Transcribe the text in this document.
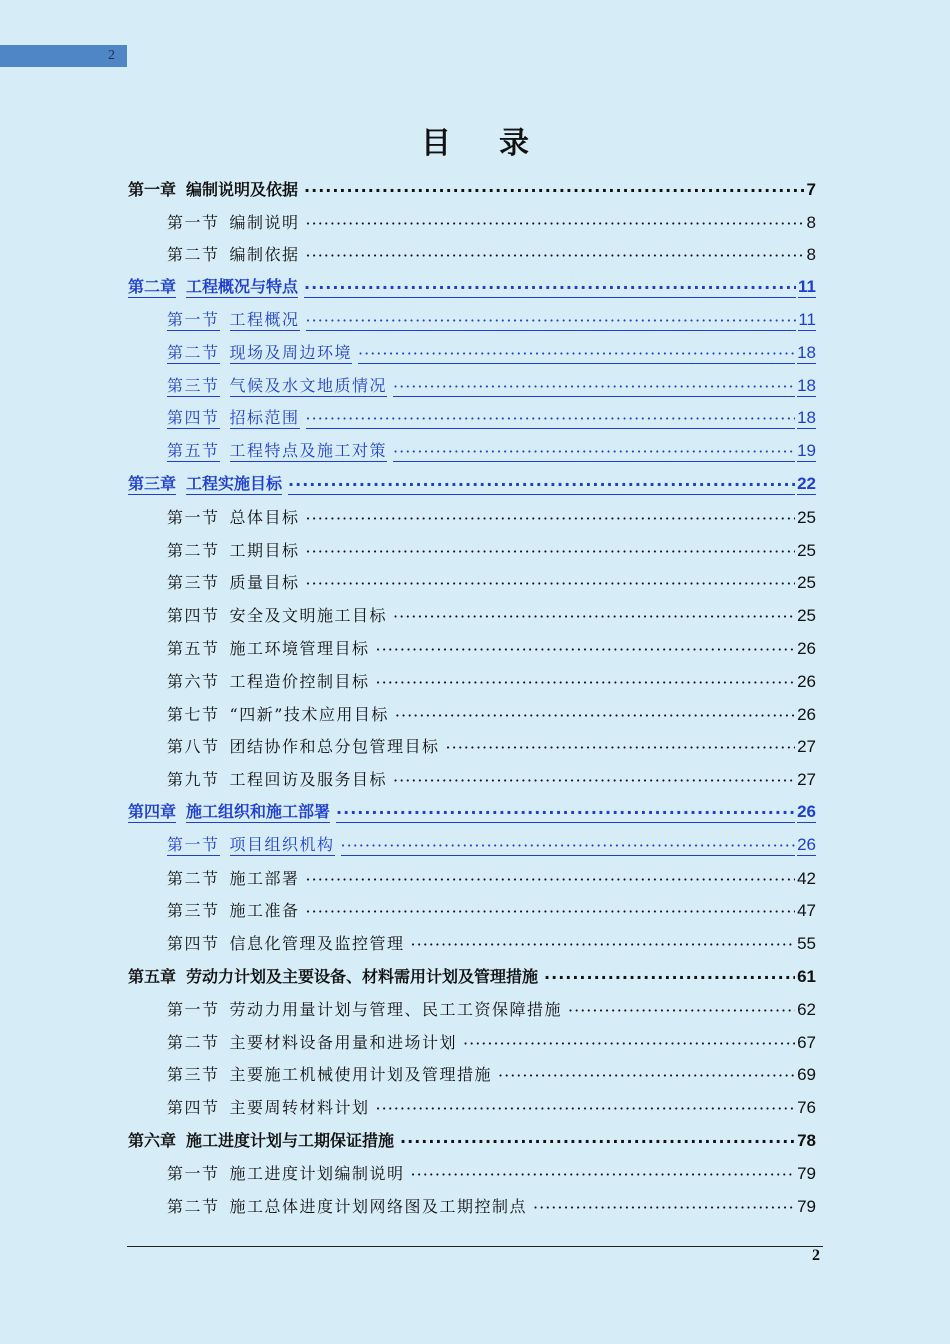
2
目录
第一章 编制说明及依据 ·····	7
第一节 编制说明 ·····	8
第二节 编制依据 ·····	8
第二章 工程概况与特点 ·····	11
第一节 工程概况 ·····	11
第二节 现场及周边环境 ·····	18
第三节 气候及水文地质情况 ·····	18
第四节 招标范围 ·····	18
第五节 工程特点及施工对策 ·····	19
第三章 工程实施目标 ·····	22
第一节 总体目标 ·····	25
第二节 工期目标 ·····	25
第三节 质量目标 ·····	25
第四节 安全及文明施工目标 ·····	25
第五节 施工环境管理目标 ·····	26
第六节 工程造价控制目标 ·····	26
第七节 “四新”技术应用目标 ·····	26
第八节 团结协作和总分包管理目标 ·····	27
第九节 工程回访及服务目标 ·····	27
第四章 施工组织和施工部署 ·····	26
第一节 项目组织机构 ·····	26
第二节 施工部署 ·····	42
第三节 施工准备 ·····	47
第四节 信息化管理及监控管理 ·····	55
第五章 劳动力计划及主要设备、材料需用计划及管理措施 ·····	61
第一节 劳动力用量计划与管理、民工工资保障措施 ·····	62
第二节 主要材料设备用量和进场计划 ·····	67
第三节 主要施工机械使用计划及管理措施 ·····	69
第四节 主要周转材料计划 ·····	76
第六章 施工进度计划与工期保证措施 ·····	78
第一节 施工进度计划编制说明 ·····	79
第二节 施工总体进度计划网络图及工期控制点 ·····	79
2
